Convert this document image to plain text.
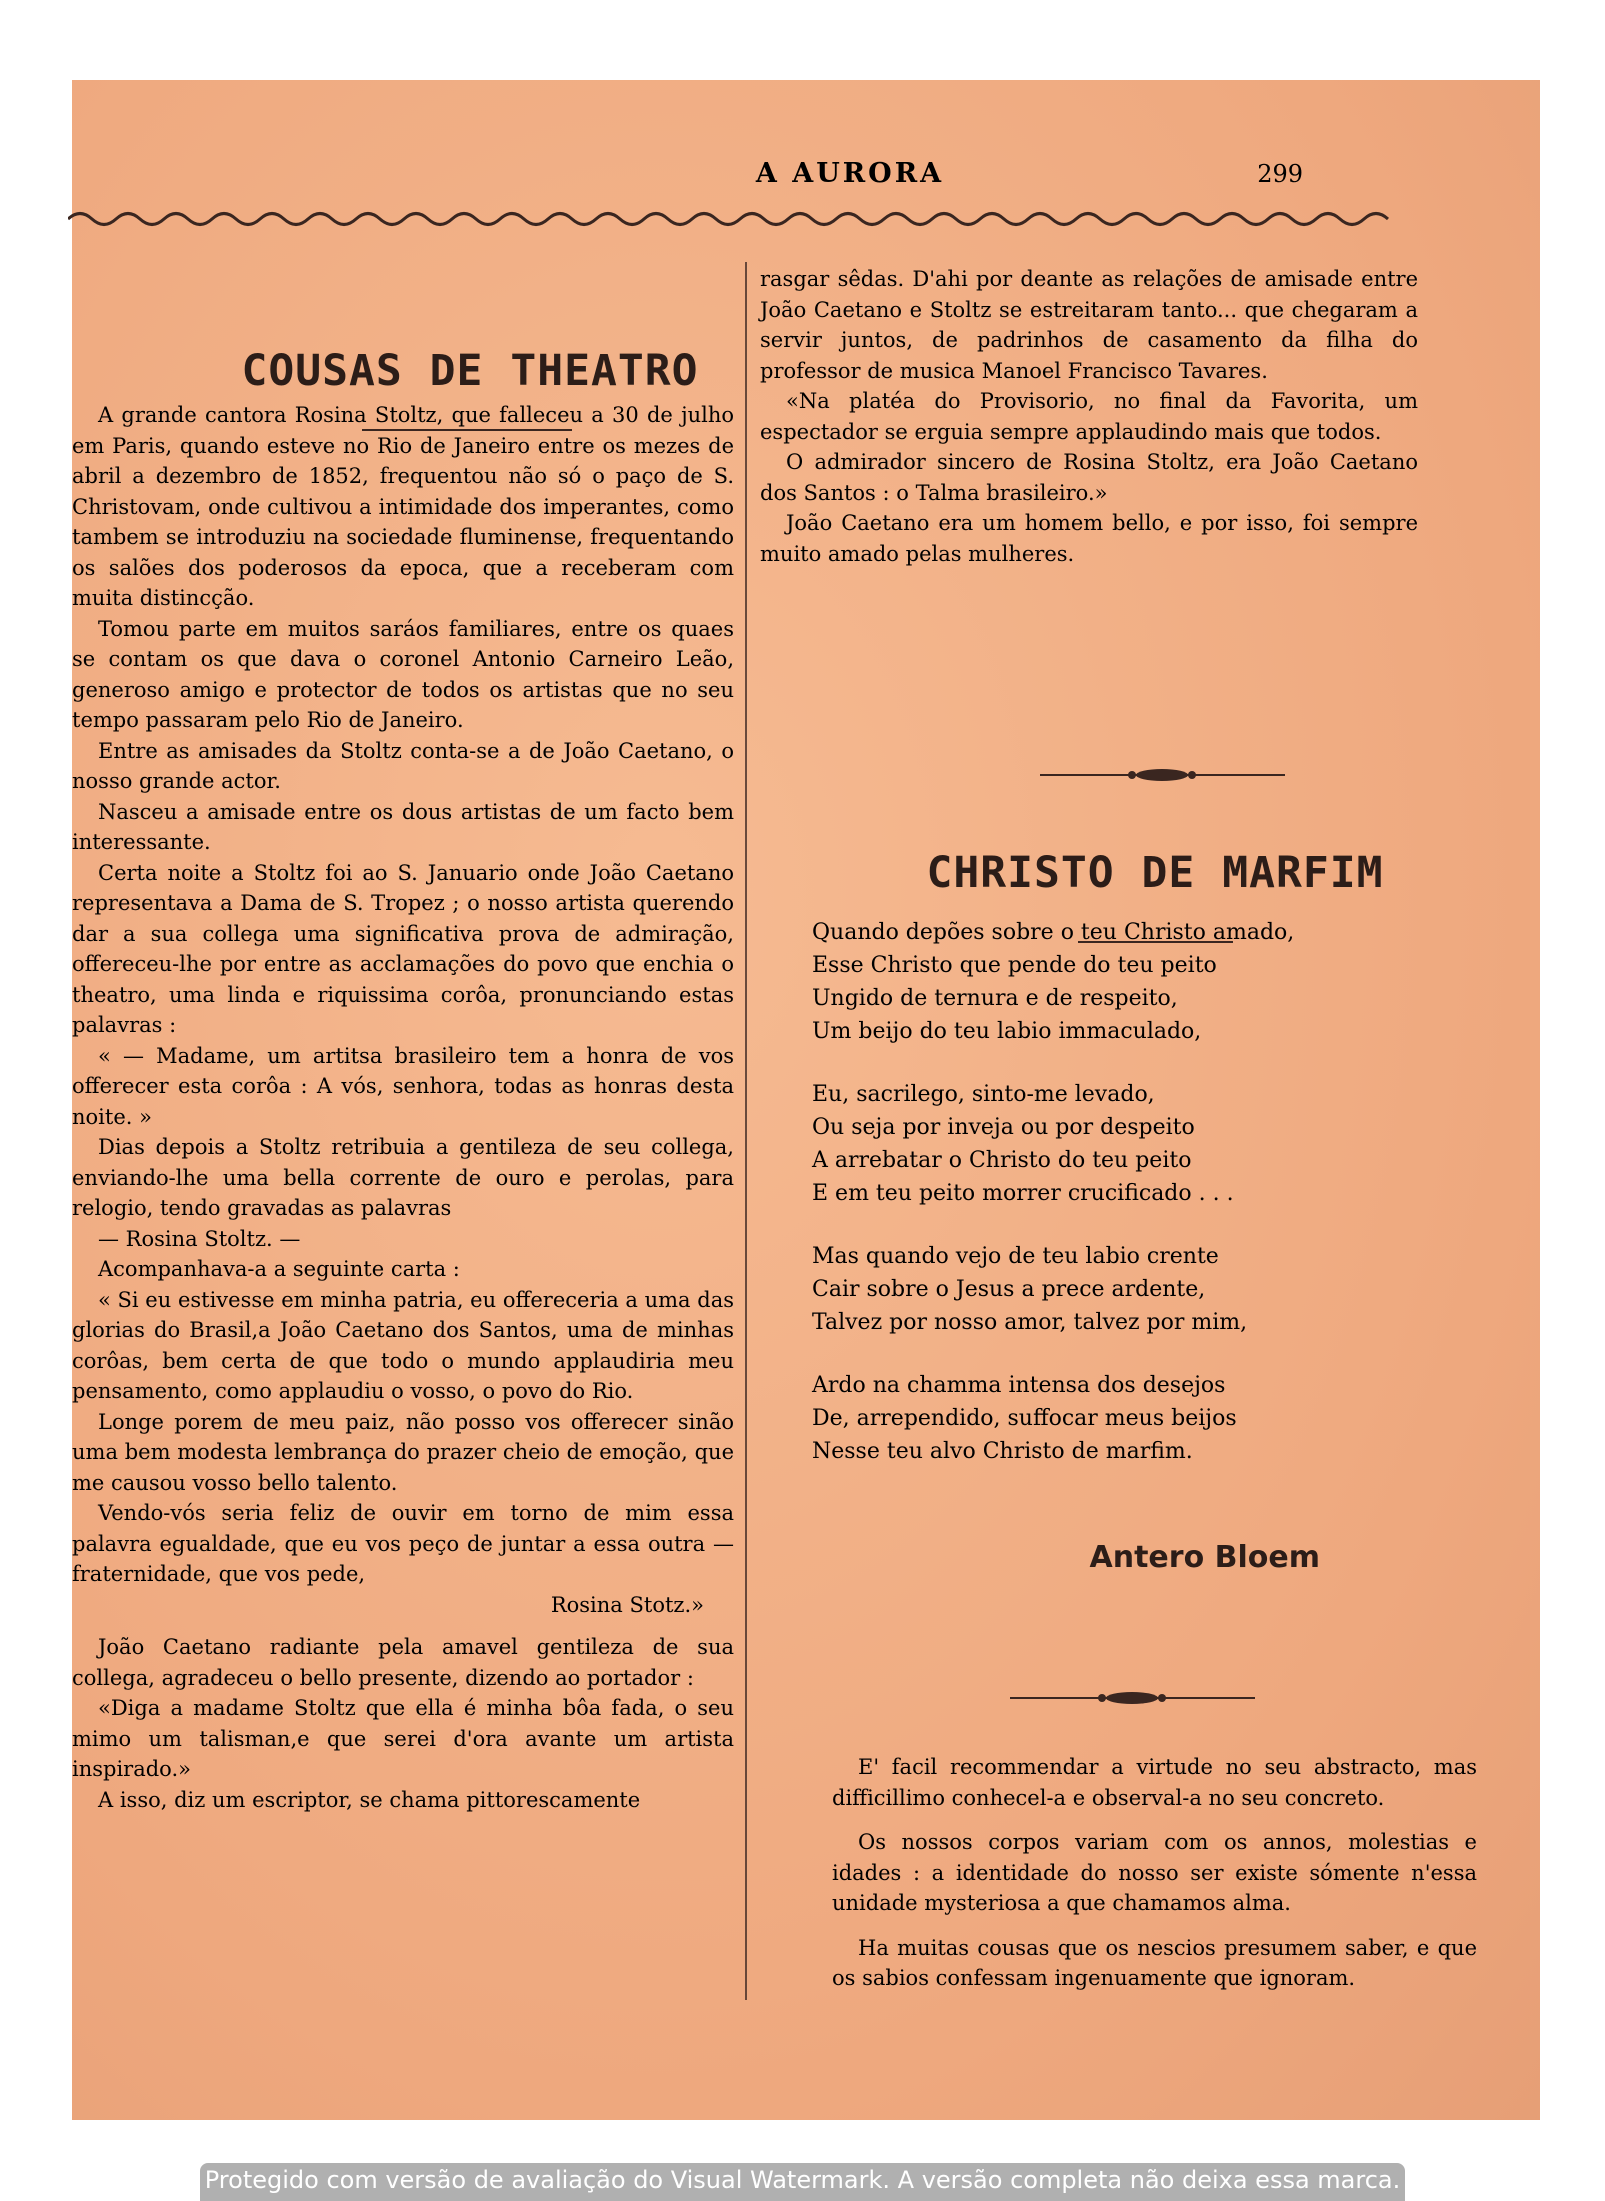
A AURORA	299
COUSAS DE THEATRO

A grande cantora Rosina Stoltz, que falleceu a 30 de julho em Paris, quando esteve no Rio de Janeiro entre os mezes de abril a dezembro de 1852, frequentou não só o paço de S. Christovam, onde cultivou a intimidade dos imperantes, como tambem se introduziu na sociedade fluminense, frequentando os salões dos poderosos da epoca, que a receberam com muita distincção.

Tomou parte em muitos saráos familiares, entre os quaes se contam os que dava o coronel Antonio Carneiro Leão, generoso amigo e protector de todos os artistas que no seu tempo passaram pelo Rio de Janeiro.

Entre as amisades da Stoltz conta-se a de João Caetano, o nosso grande actor.

Nasceu a amisade entre os dous artistas de um facto bem interessante.

Certa noite a Stoltz foi ao S. Januario onde João Caetano representava a Dama de S. Tropez ; o nosso artista querendo dar a sua collega uma significativa prova de admiração, offereceu-lhe por entre as acclamações do povo que enchia o theatro, uma linda e riquissima corôa, pronunciando estas palavras :

« — Madame, um artitsa brasileiro tem a honra de vos offerecer esta corôa : A vós, senhora, todas as honras desta noite. »

Dias depois a Stoltz retribuia a gentileza de seu collega, enviando-lhe uma bella corrente de ouro e perolas, para relogio, tendo gravadas as palavras

— Rosina Stoltz. —

Acompanhava-a a seguinte carta :

« Si eu estivesse em minha patria, eu offereceria a uma das glorias do Brasil,a João Caetano dos Santos, uma de minhas corôas, bem certa de que todo o mundo applaudiria meu pensamento, como applaudiu o vosso, o povo do Rio.

Longe porem de meu paiz, não posso vos offerecer sinão uma bem modesta lembrança do prazer cheio de emoção, que me causou vosso bello talento.

Vendo-vós seria feliz de ouvir em torno de mim essa palavra egualdade, que eu vos peço de juntar a essa outra — fraternidade, que vos pede,

Rosina Stotz.»

João Caetano radiante pela amavel gentileza de sua collega, agradeceu o bello presente, dizendo ao portador :

«Diga a madame Stoltz que ella é minha bôa fada, o seu mimo um talisman,e que serei d'ora avante um artista inspirado.»

A isso, diz um escriptor, se chama pittorescamente

rasgar sêdas. D'ahi por deante as relações de amisade entre João Caetano e Stoltz se estreitaram tanto... que chegaram a servir juntos, de padrinhos de casamento da filha do professor de musica Manoel Francisco Tavares.

«Na platéa do Provisorio, no final da Favorita, um espectador se erguia sempre applaudindo mais que todos.

O admirador sincero de Rosina Stoltz, era João Caetano dos Santos : o Talma brasileiro.»

João Caetano era um homem bello, e por isso, foi sempre muito amado pelas mulheres.

CHRISTO DE MARFIM
Quando depões sobre o teu Christo amado,
Esse Christo que pende do teu peito
Ungido de ternura e de respeito,
Um beijo do teu labio immaculado,
Eu, sacrilego, sinto-me levado,
Ou seja por inveja ou por despeito
A arrebatar o Christo do teu peito
E em teu peito morrer crucificado . . .
Mas quando vejo de teu labio crente
Cair sobre o Jesus a prece ardente,
Talvez por nosso amor, talvez por mim,
Ardo na chamma intensa dos desejos
De, arrependido, suffocar meus beijos
Nesse teu alvo Christo de marfim.
Antero Bloem

E' facil recommendar a virtude no seu abstracto, mas difficillimo conhecel-a e observal-a no seu concreto.

Os nossos corpos variam com os annos, molestias e idades : a identidade do nosso ser existe sómente n'essa unidade mysteriosa a que chamamos alma.

Ha muitas cousas que os nescios presumem saber, e que os sabios confessam ingenuamente que ignoram.

Protegido com versão de avaliação do Visual Watermark. A versão completa não deixa essa marca.
